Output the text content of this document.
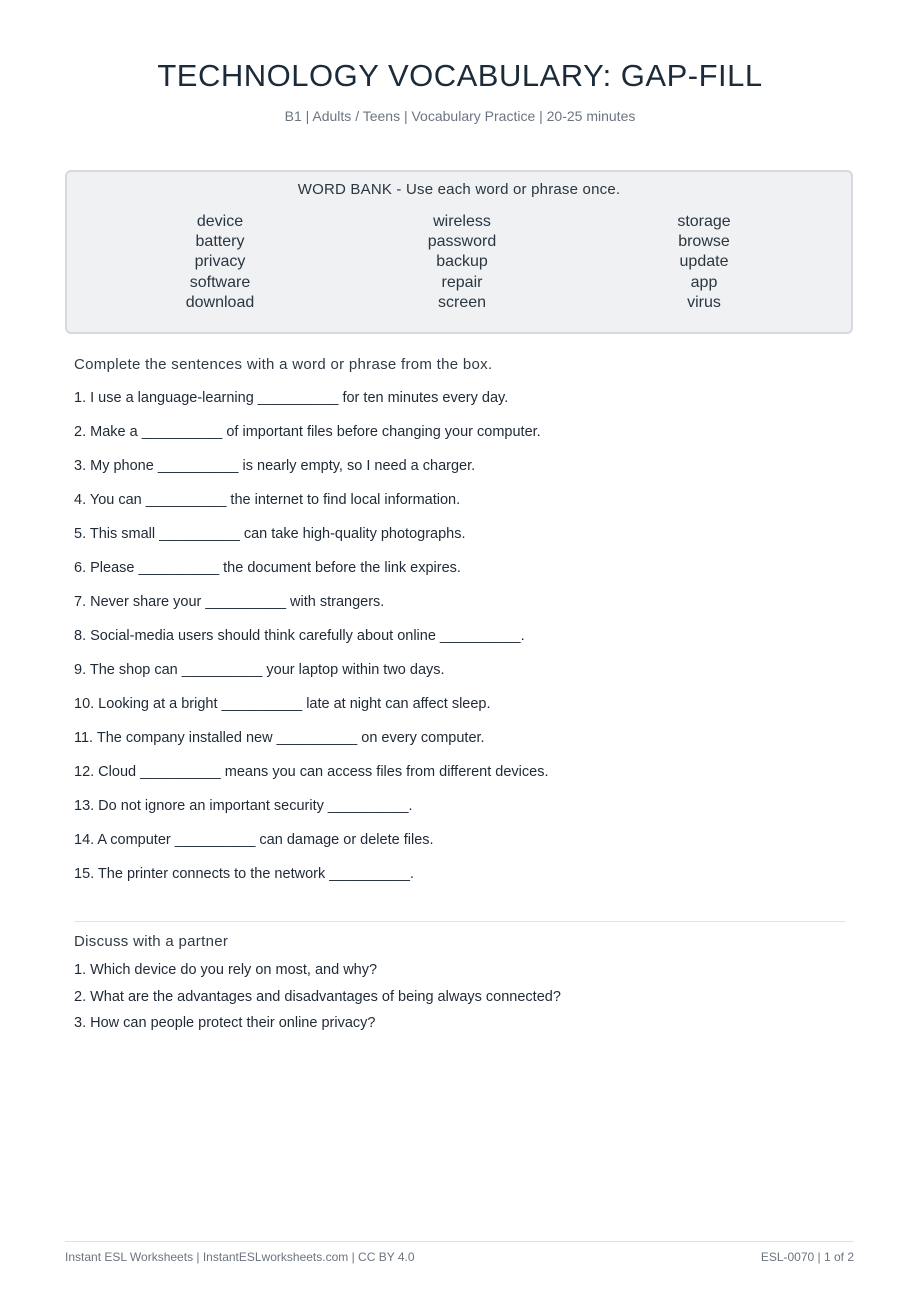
TECHNOLOGY VOCABULARY: GAP-FILL
B1 | Adults / Teens | Vocabulary Practice | 20-25 minutes
WORD BANK - Use each word or phrase once.
device
battery
privacy
software
download
wireless
password
backup
repair
screen
storage
browse
update
app
virus
Complete the sentences with a word or phrase from the box.
1. I use a language-learning __________ for ten minutes every day.
2. Make a __________ of important files before changing your computer.
3. My phone __________ is nearly empty, so I need a charger.
4. You can __________ the internet to find local information.
5. This small __________ can take high-quality photographs.
6. Please __________ the document before the link expires.
7. Never share your __________ with strangers.
8. Social-media users should think carefully about online __________.
9. The shop can __________ your laptop within two days.
10. Looking at a bright __________ late at night can affect sleep.
11. The company installed new __________ on every computer.
12. Cloud __________ means you can access files from different devices.
13. Do not ignore an important security __________.
14. A computer __________ can damage or delete files.
15. The printer connects to the network __________.
Discuss with a partner
1. Which device do you rely on most, and why?
2. What are the advantages and disadvantages of being always connected?
3. How can people protect their online privacy?
Instant ESL Worksheets | InstantESLworksheets.com | CC BY 4.0	ESL-0070 | 1 of 2
